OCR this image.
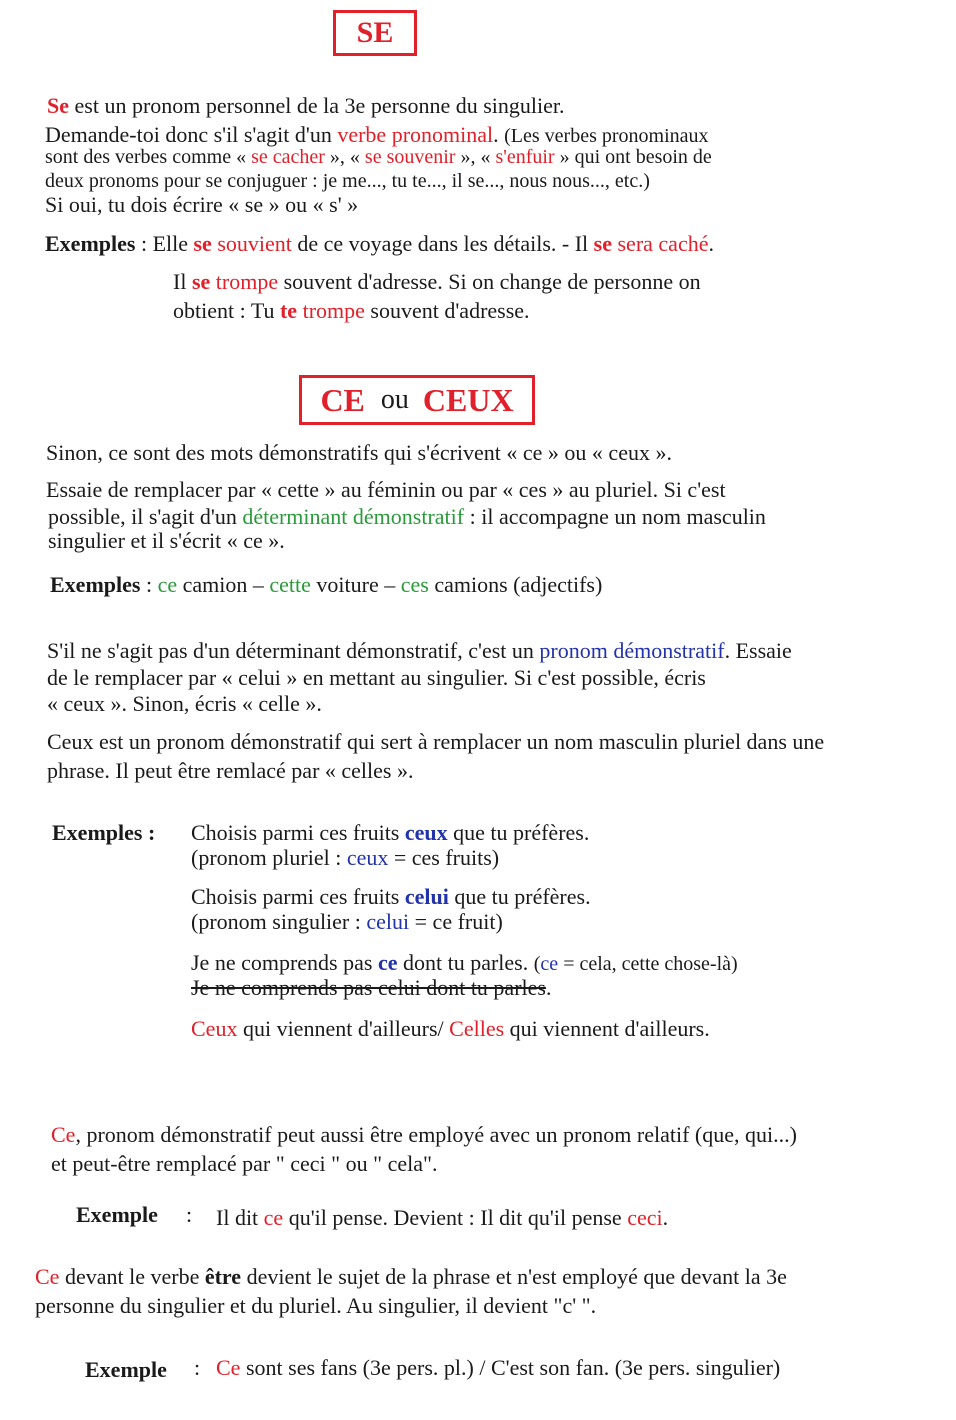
SE
Se est un pronom personnel de la 3e personne du singulier.
Demande-toi donc s'il s'agit d'un verbe pronominal. (Les verbes pronominaux
sont des verbes comme « se cacher », « se souvenir », « s'enfuir » qui ont besoin de
deux pronoms pour se conjuguer : je me..., tu te..., il se..., nous nous..., etc.)
Si oui, tu dois écrire « se » ou « s' »
Exemples : Elle se souvient de ce voyage dans les détails. - Il se sera caché.
Il se trompe souvent d'adresse. Si on change de personne on
obtient : Tu te trompe souvent d'adresse.
CE ou CEUX
Sinon, ce sont des mots démonstratifs qui s'écrivent « ce » ou « ceux ».
Essaie de remplacer par « cette » au féminin ou par « ces » au pluriel. Si c'est
possible, il s'agit d'un déterminant démonstratif : il accompagne un nom masculin
singulier et il s'écrit « ce ».
Exemples : ce camion – cette voiture – ces camions (adjectifs)
S'il ne s'agit pas d'un déterminant démonstratif, c'est un pronom démonstratif. Essaie
de le remplacer par « celui » en mettant au singulier. Si c'est possible, écris
« ceux ». Sinon, écris « celle ».
Ceux est un pronom démonstratif qui sert à remplacer un nom masculin pluriel dans une
phrase. Il peut être remlacé par « celles ».
Exemples : Choisis parmi ces fruits ceux que tu préfères.
(pronom pluriel : ceux = ces fruits)
Choisis parmi ces fruits celui que tu préfères.
(pronom singulier : celui = ce fruit)
Je ne comprends pas ce dont tu parles. (ce = cela, cette chose-là)
Je ne comprends pas celui dont tu parles.
Ceux qui viennent d'ailleurs/ Celles qui viennent d'ailleurs.
Ce, pronom démonstratif peut aussi être employé avec un pronom relatif (que, qui...)
et peut-être remplacé par " ceci " ou " cela".
Exemple : Il dit ce qu'il pense. Devient : Il dit qu'il pense ceci.
Ce devant le verbe être devient le sujet de la phrase et n'est employé que devant la 3e
personne du singulier et du pluriel. Au singulier, il devient "c' ".
Exemple : Ce sont ses fans (3e pers. pl.) / C'est son fan. (3e pers. singulier)
